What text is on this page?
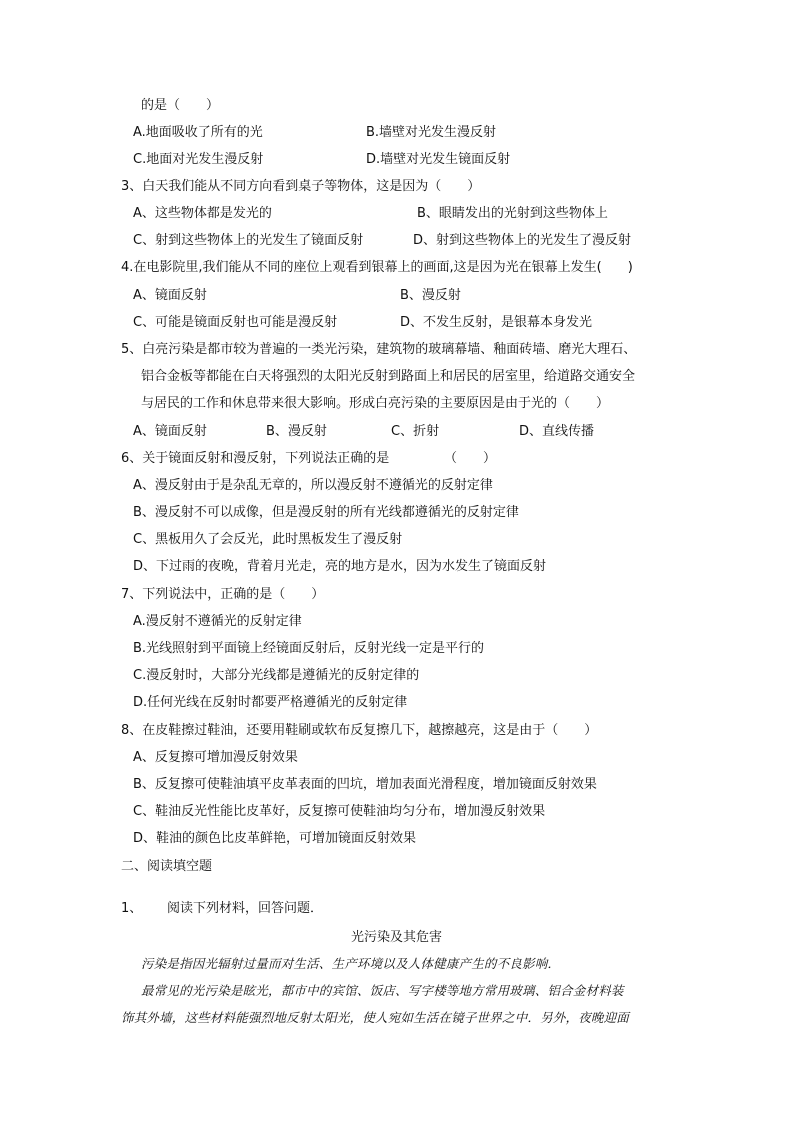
的是（　　）
A.地面吸收了所有的光	B.墙壁对光发生漫反射
C.地面对光发生漫反射	D.墙壁对光发生镜面反射
3、白天我们能从不同方向看到桌子等物体，这是因为（　　）
A、这些物体都是发光的	B、眼睛发出的光射到这些物体上
C、射到这些物体上的光发生了镜面反射	D、射到这些物体上的光发生了漫反射
4.在电影院里,我们能从不同的座位上观看到银幕上的画面,这是因为光在银幕上发生(　　)
A、镜面反射	B、漫反射
C、可能是镜面反射也可能是漫反射	D、不发生反射，是银幕本身发光
5、白亮污染是都市较为普遍的一类光污染，建筑物的玻璃幕墙、釉面砖墙、磨光大理石、
铝合金板等都能在白天将强烈的太阳光反射到路面上和居民的居室里，给道路交通安全
与居民的工作和休息带来很大影响。形成白亮污染的主要原因是由于光的（　　）
A、镜面反射	B、漫反射	C、折射	D、直线传播
6、关于镜面反射和漫反射，下列说法正确的是	（　　）
A、漫反射由于是杂乱无章的，所以漫反射不遵循光的反射定律
B、漫反射不可以成像，但是漫反射的所有光线都遵循光的反射定律
C、黑板用久了会反光，此时黑板发生了漫反射
D、下过雨的夜晚，背着月光走，亮的地方是水，因为水发生了镜面反射
7、下列说法中，正确的是（　　）
A.漫反射不遵循光的反射定律
B.光线照射到平面镜上经镜面反射后，反射光线一定是平行的
C.漫反射时，大部分光线都是遵循光的反射定律的
D.任何光线在反射时都要严格遵循光的反射定律
8、在皮鞋擦过鞋油，还要用鞋刷或软布反复擦几下，越擦越亮，这是由于（　　）
A、反复擦可增加漫反射效果
B、反复擦可使鞋油填平皮革表面的凹坑，增加表面光滑程度，增加镜面反射效果
C、鞋油反光性能比皮革好，反复擦可使鞋油均匀分布，增加漫反射效果
D、鞋油的颜色比皮革鲜艳，可增加镜面反射效果
二、阅读填空题
1、 阅读下列材料，回答问题．
光污染及其危害
污染是指因光辐射过量而对生活、生产环境以及人体健康产生的不良影响．
最常见的光污染是眩光，都市中的宾馆、饭店、写字楼等地方常用玻璃、铝合金材料装
饰其外墙，这些材料能强烈地反射太阳光，使人宛如生活在镜子世界之中．另外，夜晚迎面
